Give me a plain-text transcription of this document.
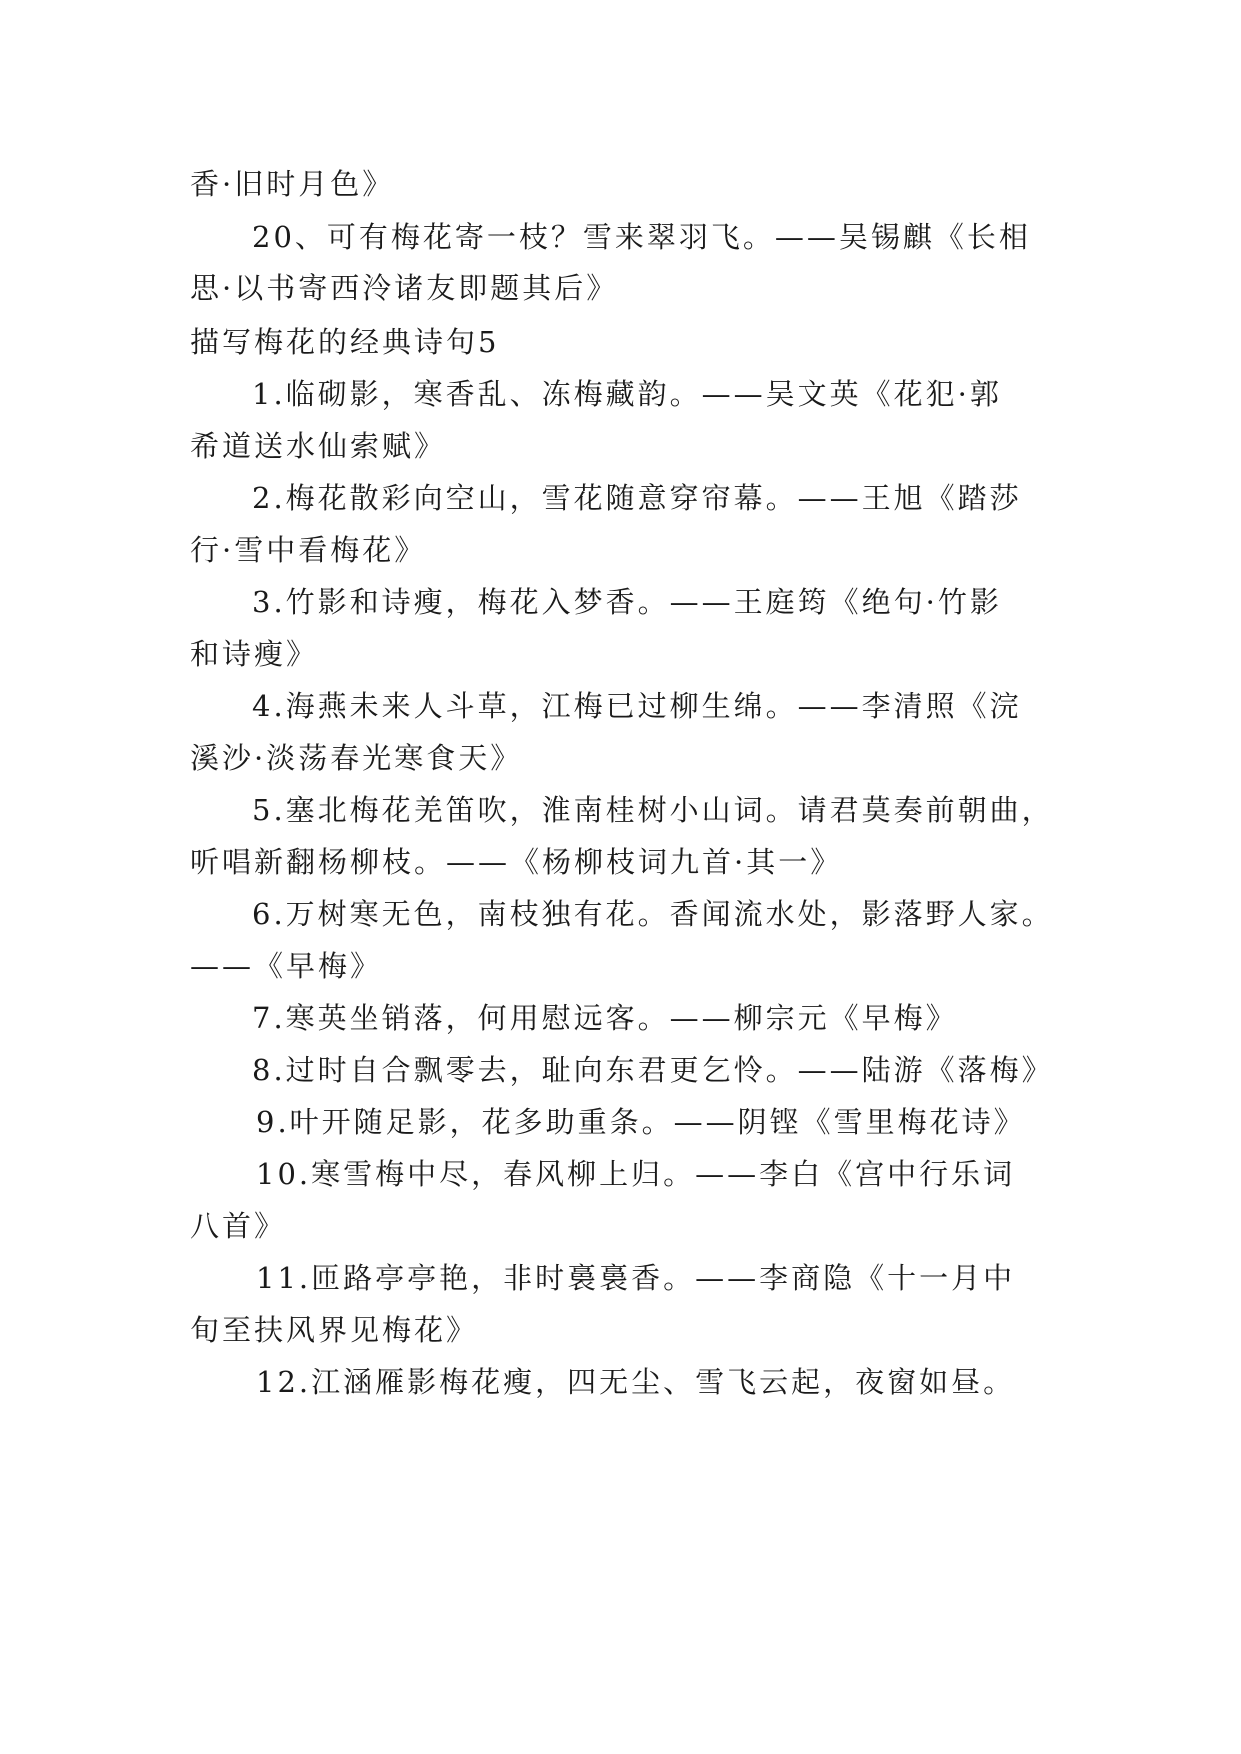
香·旧时月色》
20、可有梅花寄一枝？雪来翠羽飞。——吴锡麒《长相
思·以书寄西泠诸友即题其后》
描写梅花的经典诗句5
1.临砌影，寒香乱、冻梅藏韵。——吴文英《花犯·郭
希道送水仙索赋》
2.梅花散彩向空山，雪花随意穿帘幕。——王旭《踏莎
行·雪中看梅花》
3.竹影和诗瘦，梅花入梦香。——王庭筠《绝句·竹影
和诗瘦》
4.海燕未来人斗草，江梅已过柳生绵。——李清照《浣
溪沙·淡荡春光寒食天》
5.塞北梅花羌笛吹，淮南桂树小山词。请君莫奏前朝曲，
听唱新翻杨柳枝。——《杨柳枝词九首·其一》
6.万树寒无色，南枝独有花。香闻流水处，影落野人家。
——《早梅》
7.寒英坐销落，何用慰远客。——柳宗元《早梅》
8.过时自合飘零去，耻向东君更乞怜。——陆游《落梅》
9.叶开随足影，花多助重条。——阴铿《雪里梅花诗》
10.寒雪梅中尽，春风柳上归。——李白《宫中行乐词
八首》
11.匝路亭亭艳，非时裛裛香。——李商隐《十一月中
旬至扶风界见梅花》
12.江涵雁影梅花瘦，四无尘、雪飞云起，夜窗如昼。
